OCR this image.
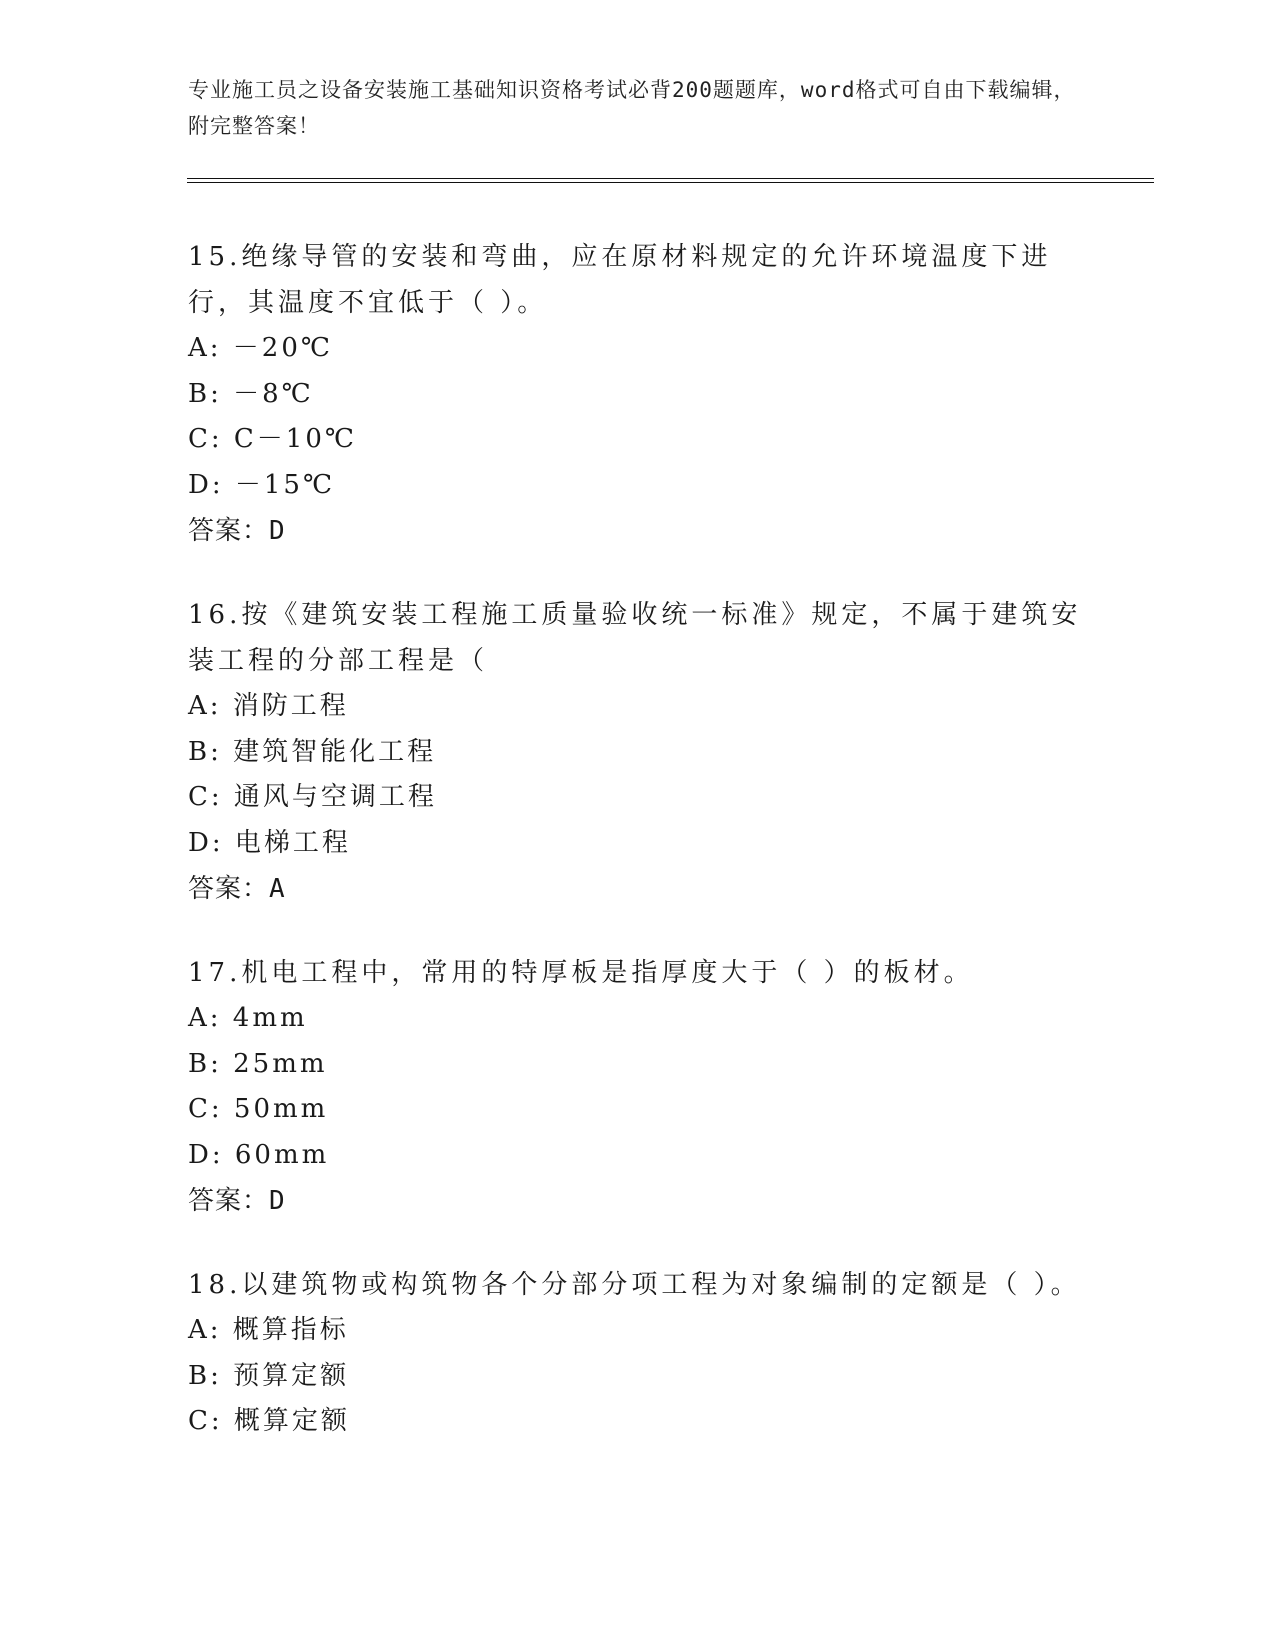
专业施工员之设备安装施工基础知识资格考试必背200题题库，word格式可自由下载编辑，附完整答案！

15.绝缘导管的安装和弯曲，应在原材料规定的允许环境温度下进行，其温度不宜低于（ ）。

A: －20℃

B: －8℃

C: C－10℃

D: －15℃

答案：D

16.按《建筑安装工程施工质量验收统一标准》规定，不属于建筑安装工程的分部工程是（

A: 消防工程

B: 建筑智能化工程

C: 通风与空调工程

D: 电梯工程

答案：A

17.机电工程中，常用的特厚板是指厚度大于（ ）的板材。

A: 4mm

B: 25mm

C: 50mm

D: 60mm

答案：D

18.以建筑物或构筑物各个分部分项工程为对象编制的定额是（ ）。

A: 概算指标

B: 预算定额

C: 概算定额
